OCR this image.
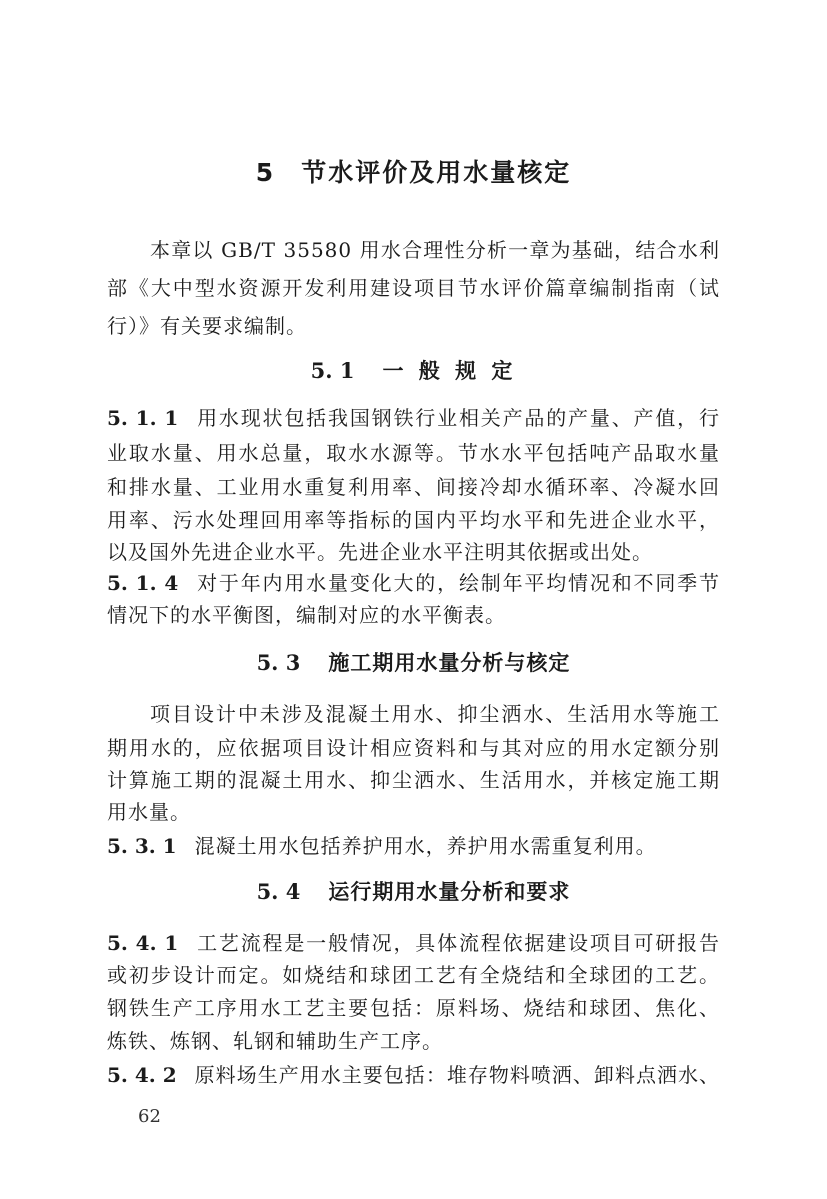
5 节水评价及用水量核定
本章以 GB/T 35580 用水合理性分析一章为基础，结合水利
部《大中型水资源开发利用建设项目节水评价篇章编制指南（试
行）》有关要求编制。
5. 1 一 般 规 定
5. 1. 1 用水现状包括我国钢铁行业相关产品的产量、产值，行
业取水量、用水总量，取水水源等。节水水平包括吨产品取水量
和排水量、工业用水重复利用率、间接冷却水循环率、冷凝水回
用率、污水处理回用率等指标的国内平均水平和先进企业水平，
以及国外先进企业水平。先进企业水平注明其依据或出处。
5. 1. 4 对于年内用水量变化大的，绘制年平均情况和不同季节
情况下的水平衡图，编制对应的水平衡表。
5. 3 施工期用水量分析与核定
项目设计中未涉及混凝土用水、抑尘洒水、生活用水等施工
期用水的，应依据项目设计相应资料和与其对应的用水定额分别
计算施工期的混凝土用水、抑尘洒水、生活用水，并核定施工期
用水量。
5. 3. 1 混凝土用水包括养护用水，养护用水需重复利用。
5. 4 运行期用水量分析和要求
5. 4. 1 工艺流程是一般情况，具体流程依据建设项目可研报告
或初步设计而定。如烧结和球团工艺有全烧结和全球团的工艺。
钢铁生产工序用水工艺主要包括：原料场、烧结和球团、焦化、
炼铁、炼钢、轧钢和辅助生产工序。
5. 4. 2 原料场生产用水主要包括：堆存物料喷洒、卸料点洒水、
62
